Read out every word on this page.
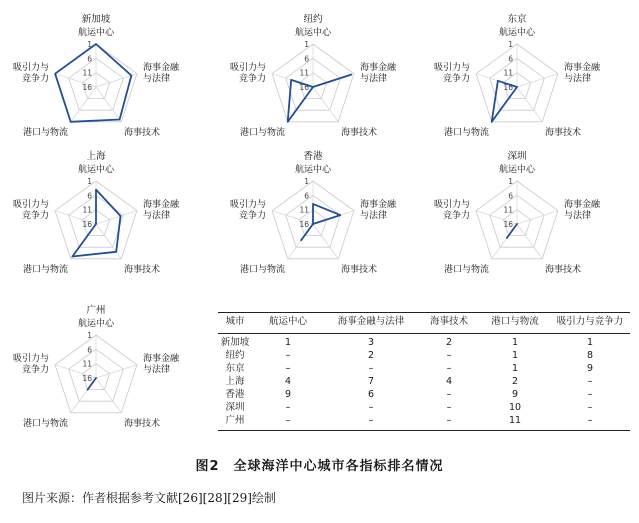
1
6
11
16
新加坡
航运中心
海事金融与法律
海事技术
港口与物流
吸引力与竞争力
1
6
11
16
纽约
航运中心
海事金融与法律
海事技术
港口与物流
吸引力与竞争力
1
6
11
16
东京
航运中心
海事金融与法律
海事技术
港口与物流
吸引力与竞争力
1
6
11
16
上海
航运中心
海事金融与法律
海事技术
港口与物流
吸引力与竞争力
1
6
11
16
香港
航运中心
海事金融与法律
海事技术
港口与物流
吸引力与竞争力
1
6
11
16
深圳
航运中心
海事金融与法律
海事技术
港口与物流
吸引力与竞争力
1
6
11
16
广州
航运中心
海事金融与法律
海事技术
港口与物流
吸引力与竞争力
城市	航运中心	海事金融与法律	海事技术	港口与物流	吸引力与竞争力
新加坡	1	3	2	1	1
纽约	–	2	–	1	8
东京	–	–	–	1	9
上海	4	7	4	2	–
香港	9	6	–	9	–
深圳	–	–	–	10	–
广州	–	–	–	11	–
图2　全球海洋中心城市各指标排名情况
图片来源：作者根据参考文献[26][28][29]绘制
